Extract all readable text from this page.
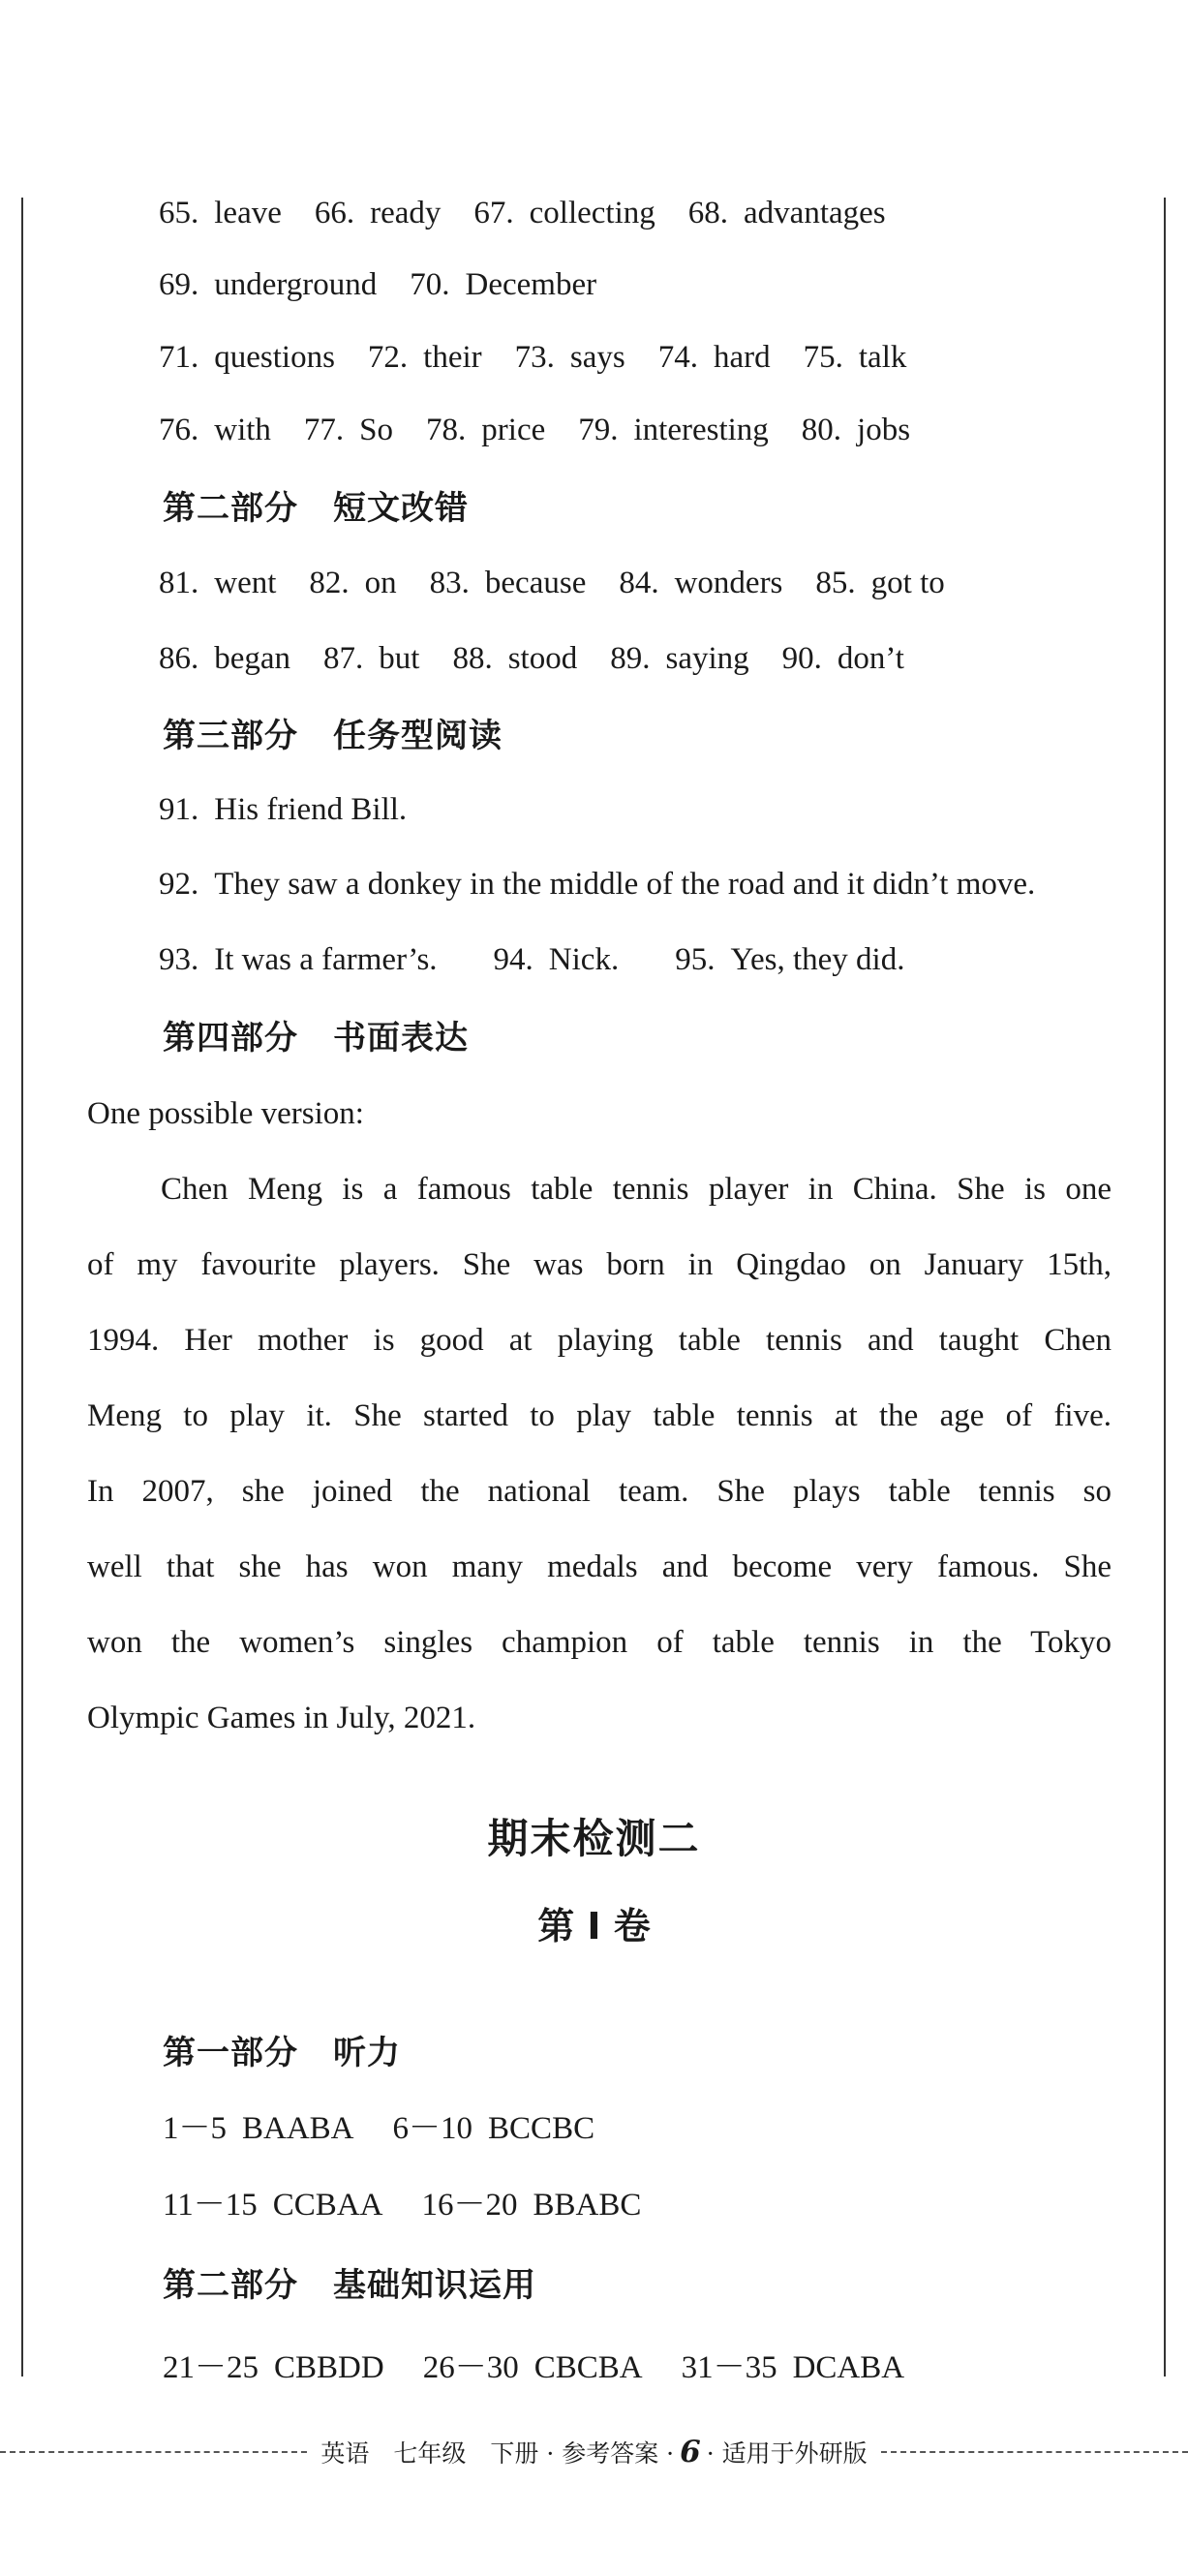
第二部分 短文改错
第三部分 任务型阅读
第四部分 书面表达
One possible version:
期末检测二
第 I 卷
第一部分 听力
第二部分 基础知识运用
65. leave 66. ready 67. collecting 68. advantages
69. underground 70. December
71. questions 72. their 73. says 74. hard 75. talk
76. with 77. So 78. price 79. interesting 80. jobs
81. went 82. on 83. because 84. wonders 85. got to
86. began 87. but 88. stood 89. saying 90. don’t
91. His friend Bill.
92. They saw a donkey in the middle of the road and it didn’t move.
93. It was a farmer’s. 94. Nick. 95. Yes, they did.
Chen Meng is a famous table tennis player in China. She is one
of my favourite players. She was born in Qingdao on January 15th,
1994. Her mother is good at playing table tennis and taught Chen
Meng to play it. She started to play table tennis at the age of five.
In 2007, she joined the national team. She plays table tennis so
well that she has won many medals and become very famous. She
won the women’s singles champion of table tennis in the Tokyo
Olympic Games in July, 2021.
1－5 BAABA 6－10 BCCBC
11－15 CCBAA 16－20 BBABC
21－25 CBBDD 26－30 CBCBA 31－35 DCABA
英语　七年级　下册 · 参考答案 · 6 · 适用于外研版
